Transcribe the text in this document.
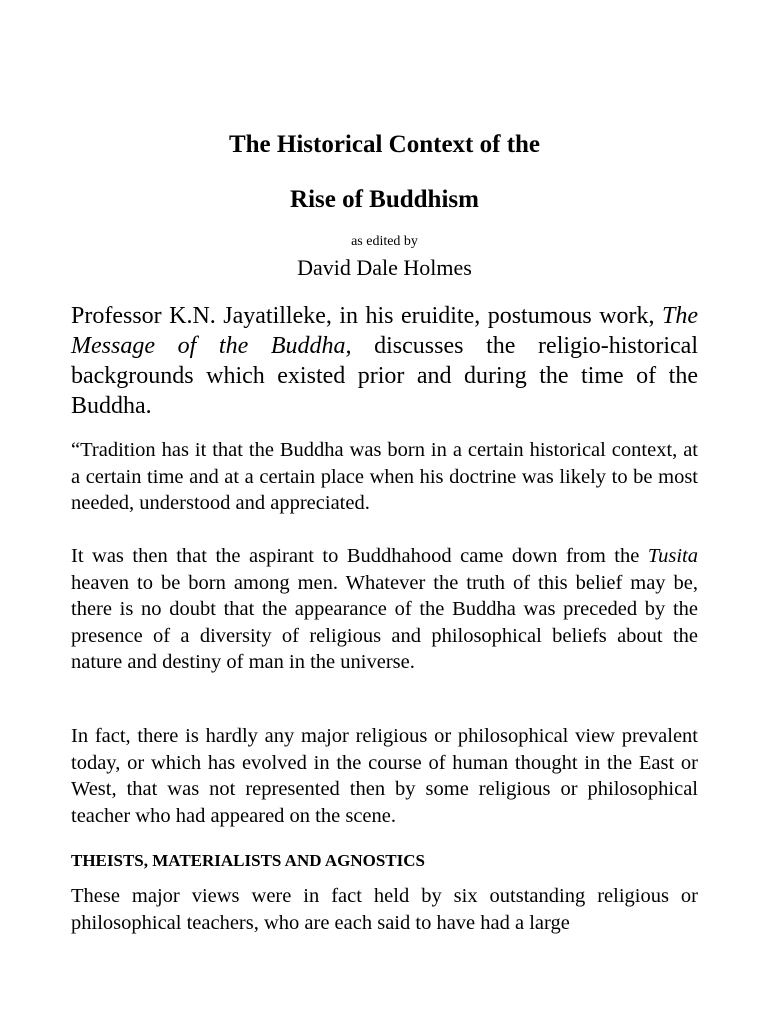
The Historical Context of the
Rise of Buddhism

as edited by

David Dale Holmes

Professor K.N. Jayatilleke, in his eruidite, postumous work, The Message of the Buddha, discusses the religio-historical backgrounds which existed prior and during the time of the Buddha.

“Tradition has it that the Buddha was born in a certain historical context, at a certain time and at a certain place when his doctrine was likely to be most needed, understood and appreciated.

It was then that the aspirant to Buddhahood came down from the Tusita heaven to be born among men. Whatever the truth of this belief may be, there is no doubt that the appearance of the Buddha was preceded by the presence of a diversity of religious and philosophical beliefs about the nature and destiny of man in the universe.

In fact, there is hardly any major religious or philosophical view prevalent today, or which has evolved in the course of human thought in the East or West, that was not represented then by some religious or philosophical teacher who had appeared on the scene.

THEISTS, MATERIALISTS AND AGNOSTICS

These major views were in fact held by six outstanding religious or philosophical teachers, who are each said to have had a large
